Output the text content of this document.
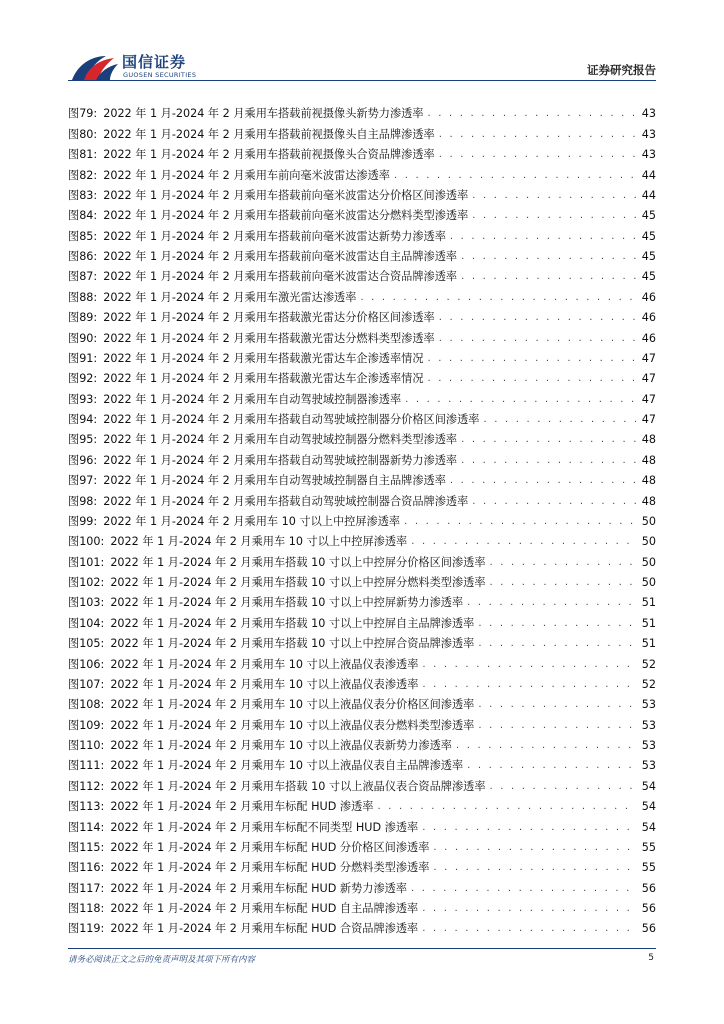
国信证券
GUOSEN SECURITIES	证券研究报告
图79: 2022 年 1 月-2024 年 2 月乘用车搭载前视摄像头新势力渗透率 . . .	43
图80: 2022 年 1 月-2024 年 2 月乘用车搭载前视摄像头自主品牌渗透率 . . .	43
图81: 2022 年 1 月-2024 年 2 月乘用车搭载前视摄像头合资品牌渗透率 . . .	43
图82: 2022 年 1 月-2024 年 2 月乘用车前向毫米波雷达渗透率 . . .	44
图83: 2022 年 1 月-2024 年 2 月乘用车搭载前向毫米波雷达分价格区间渗透率 . . .	44
图84: 2022 年 1 月-2024 年 2 月乘用车搭载前向毫米波雷达分燃料类型渗透率 . . .	45
图85: 2022 年 1 月-2024 年 2 月乘用车搭载前向毫米波雷达新势力渗透率 . . .	45
图86: 2022 年 1 月-2024 年 2 月乘用车搭载前向毫米波雷达自主品牌渗透率 . . .	45
图87: 2022 年 1 月-2024 年 2 月乘用车搭载前向毫米波雷达合资品牌渗透率 . . .	45
图88: 2022 年 1 月-2024 年 2 月乘用车激光雷达渗透率 . . .	46
图89: 2022 年 1 月-2024 年 2 月乘用车搭载激光雷达分价格区间渗透率 . . .	46
图90: 2022 年 1 月-2024 年 2 月乘用车搭载激光雷达分燃料类型渗透率 . . .	46
图91: 2022 年 1 月-2024 年 2 月乘用车搭载激光雷达车企渗透率情况 . . .	47
图92: 2022 年 1 月-2024 年 2 月乘用车搭载激光雷达车企渗透率情况 . . .	47
图93: 2022 年 1 月-2024 年 2 月乘用车自动驾驶域控制器渗透率 . . .	47
图94: 2022 年 1 月-2024 年 2 月乘用车搭载自动驾驶域控制器分价格区间渗透率 . . .	47
图95: 2022 年 1 月-2024 年 2 月乘用车自动驾驶域控制器分燃料类型渗透率 . . .	48
图96: 2022 年 1 月-2024 年 2 月乘用车搭载自动驾驶域控制器新势力渗透率 . . .	48
图97: 2022 年 1 月-2024 年 2 月乘用车自动驾驶域控制器自主品牌渗透率 . . .	48
图98: 2022 年 1 月-2024 年 2 月乘用车搭载自动驾驶域控制器合资品牌渗透率 . . .	48
图99: 2022 年 1 月-2024 年 2 月乘用车 10 寸以上中控屏渗透率 . . .	50
图100: 2022 年 1 月-2024 年 2 月乘用车 10 寸以上中控屏渗透率 . . .	50
图101: 2022 年 1 月-2024 年 2 月乘用车搭载 10 寸以上中控屏分价格区间渗透率 . . .	50
图102: 2022 年 1 月-2024 年 2 月乘用车搭载 10 寸以上中控屏分燃料类型渗透率 . . .	50
图103: 2022 年 1 月-2024 年 2 月乘用车搭载 10 寸以上中控屏新势力渗透率 . . .	51
图104: 2022 年 1 月-2024 年 2 月乘用车搭载 10 寸以上中控屏自主品牌渗透率 . . .	51
图105: 2022 年 1 月-2024 年 2 月乘用车搭载 10 寸以上中控屏合资品牌渗透率 . . .	51
图106: 2022 年 1 月-2024 年 2 月乘用车 10 寸以上液晶仪表渗透率 . . .	52
图107: 2022 年 1 月-2024 年 2 月乘用车 10 寸以上液晶仪表渗透率 . . .	52
图108: 2022 年 1 月-2024 年 2 月乘用车 10 寸以上液晶仪表分价格区间渗透率 . . .	53
图109: 2022 年 1 月-2024 年 2 月乘用车 10 寸以上液晶仪表分燃料类型渗透率 . . .	53
图110: 2022 年 1 月-2024 年 2 月乘用车 10 寸以上液晶仪表新势力渗透率 . . .	53
图111: 2022 年 1 月-2024 年 2 月乘用车 10 寸以上液晶仪表自主品牌渗透率 . . .	53
图112: 2022 年 1 月-2024 年 2 月乘用车搭载 10 寸以上液晶仪表合资品牌渗透率 . . .	54
图113: 2022 年 1 月-2024 年 2 月乘用车标配 HUD 渗透率 . . .	54
图114: 2022 年 1 月-2024 年 2 月乘用车标配不同类型 HUD 渗透率 . . .	54
图115: 2022 年 1 月-2024 年 2 月乘用车标配 HUD 分价格区间渗透率 . . .	55
图116: 2022 年 1 月-2024 年 2 月乘用车标配 HUD 分燃料类型渗透率 . . .	55
图117: 2022 年 1 月-2024 年 2 月乘用车标配 HUD 新势力渗透率 . . .	56
图118: 2022 年 1 月-2024 年 2 月乘用车标配 HUD 自主品牌渗透率 . . .	56
图119: 2022 年 1 月-2024 年 2 月乘用车标配 HUD 合资品牌渗透率 . . .	56
请务必阅读正文之后的免责声明及其项下所有内容	5
